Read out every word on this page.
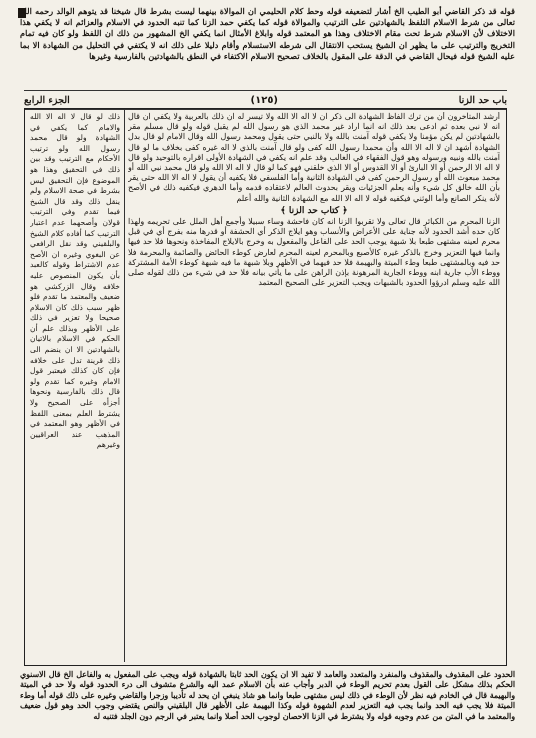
قوله قد ذكر القاضي أبو الطيب الخ أشار لتضعيفه قوله وحط كلام الحليمي ان الموالاة بينهما ليست بشرط قال شيخنا قد يتوهم الوالد رحمه الله تعالى من شرط الاسلام التلفظ بالشهادتين على الترتيب والموالاة قوله كما يكفي حمد الزنا كما تنبه الحدود في الاسلام والعزائم انه لا يكفي هذا الاختلاف لأن الاسلام شرط تحت مقام الاختلاف وهذا هو المعتمد قوله وابلاغ الأمثال انما يكفي الخ المشهور من ذلك ان اللفظ ولو كان فيه تمام التخريج والترتيب على ما يظهر ان الشيخ يستحب الانتقال الى شرطه الاستسلام وأقام دليلا على ذلك انه لا يكتفي في التحليل من الشهادة الا بما عليه الشيخ قوله فيحال القاضي في الدقة على المقول بالخلاف تصحيح الاسلام الاكتفاء في النطق بالشهادتين بالفارسية وغيرها
باب حد الزنا
(١٢٥)
الجزء الرابع

أرشد المتأخرون أن من ترك الفاظ الشهادة الى ذكر ان لا اله الا الله ولا تيسر له ان ذلك بالعربية ولا يكفي ان قال انه لا نبي بعده ثم ادعى بعد ذلك انه انما اراد غير محمد الذي هو رسول الله لم يقبل قوله ولو قال مسلم مقر بالشهادتين لم يكن مؤمنا ولا يكفي قوله آمنت بالله ولا بالنبي حتى يقول ومحمد رسول الله وقال الامام لو قال بدل الشهادة أشهد ان لا اله الا الله وأن محمدا رسول الله كفى ولو قال آمنت بالذي لا اله غيره كفى بخلاف ما لو قال آمنت بالله ونبيه ورسوله وهو قول الفقهاء في الغالب وقد علم انه يكفي في الشهادة الأولى اقراره بالتوحيد ولو قال لا اله الا الرحمن أو الا البارئ أو الا القدوس أو الا الذي خلقني فهو كما لو قال لا اله الا الله ولو قال محمد نبي الله أو محمد مبعوث الله أو رسول الرحمن كفى في الشهادة الثانية وأما الفلسفي فلا يكفيه أن يقول لا اله الا الله حتى يقر بأن الله خالق كل شيء وأنه يعلم الجزئيات ويقر بحدوث العالم لاعتقاده قدمه وأما الدهري فيكفيه ذلك في الأصح لأنه ينكر الصانع وأما الوثني فيكفيه قوله لا اله الا الله مع الشهادة الثانية والله أعلم

﴿ كتاب حد الزنا ﴾

الزنا المحرم من الكبائر قال تعالى ولا تقربوا الزنا انه كان فاحشة وساء سبيلا وأجمع أهل الملل على تحريمه ولهذا كان حده أشد الحدود لأنه جناية على الأعراض والأنساب وهو ايلاج الذكر أي الحشفة أو قدرها منه بفرج أي في قبل محرم لعينه مشتهى طبعا بلا شبهة يوجب الحد على الفاعل والمفعول به وخرج بالايلاج المفاخذة ونحوها فلا حد فيها وانما فيها التعزير وخرج بالذكر غيره كالأصبع وبالمحرم لعينه المحرم لعارض كوطء الحائض والصائمة والمحرمة فلا حد فيه وبالمشتهى طبعا وطء الميتة والبهيمة فلا حد فيهما في الأظهر وبلا شبهة ما فيه شبهة كوطء الأمة المشتركة ووطء الأب جارية ابنه ووطء الجارية المرهونة بإذن الراهن على ما يأتي بيانه فلا حد في شيء من ذلك لقوله صلى الله عليه وسلم ادرؤوا الحدود بالشبهات ويجب التعزير على الصحيح المعتمد

ذلك لو قال لا اله الا الله والامام كما يكفي في الشهادة ولو قال محمد رسول الله ولو ترتيب الأحكام مع الترتيب وقد بين ذلك في التحقيق وهذا هو الموضوع فإن التحقيق ليس بشرط في صحة الاسلام ولم ينقل ذلك وقد قال الشيخ فيما تقدم وفي الترتيب قولان وأصحهما عدم اعتبار الترتيب كما أفاده كلام الشيخ والبلقيني وقد نقل الرافعي عن البغوي وغيره ان الأصح عدم الاشتراط وقوله كالعبد بأن يكون المنصوص عليه خلافه وقال الزركشي هو ضعيف والمعتمد ما تقدم فلو ظهر سبب ذلك كان الاسلام صحيحا ولا تعزير في ذلك على الأظهر وبذلك علم أن الحكم في الاسلام بالاتيان بالشهادتين الا ان ينضم الى ذلك قرينة تدل على خلافه فإن كان كذلك فيعتبر قول الامام وغيره كما تقدم ولو قال ذلك بالفارسية ونحوها أجزأه على الصحيح ولا يشترط العلم بمعنى اللفظ في الأظهر وهو المعتمد في المذهب عند العراقيين وغيرهم
الحدود على المقذوف والمقذوف والمنفرد والمتعدد والعامد لا تفيد الا ان يكون الحد ثابتا بالشهادة قوله ويجب على المفعول به والفاعل الخ قال الاسنوي الحكم بذلك مشكل على القول بعدم تحريم الوطء في الدبر وأجاب عنه بأن الاسلام عمد اليه والشرع متشوف الى درء الحدود قوله ولا حد في الميتة والبهيمة قال في الخادم فيه نظر لأن الوطء في ذلك ليس مشتهى طبعا وانما هو شاذ ينبغي ان يحد له تأديبا وزجرا والقاضي وغيره على ذلك قوله أما وطء الميتة فلا يجب فيه الحد وانما يجب فيه التعزير لعدم الشهوة قوله وكذا البهيمة على الأظهر قال البلقيني والنص يقتضي وجوب الحد وهو قول ضعيف والمعتمد ما في المتن من عدم وجوبه قوله ولا يشترط في الزنا الاحصان لوجوب الحد أصلا وانما يعتبر في الرجم دون الجلد فتنبه له
